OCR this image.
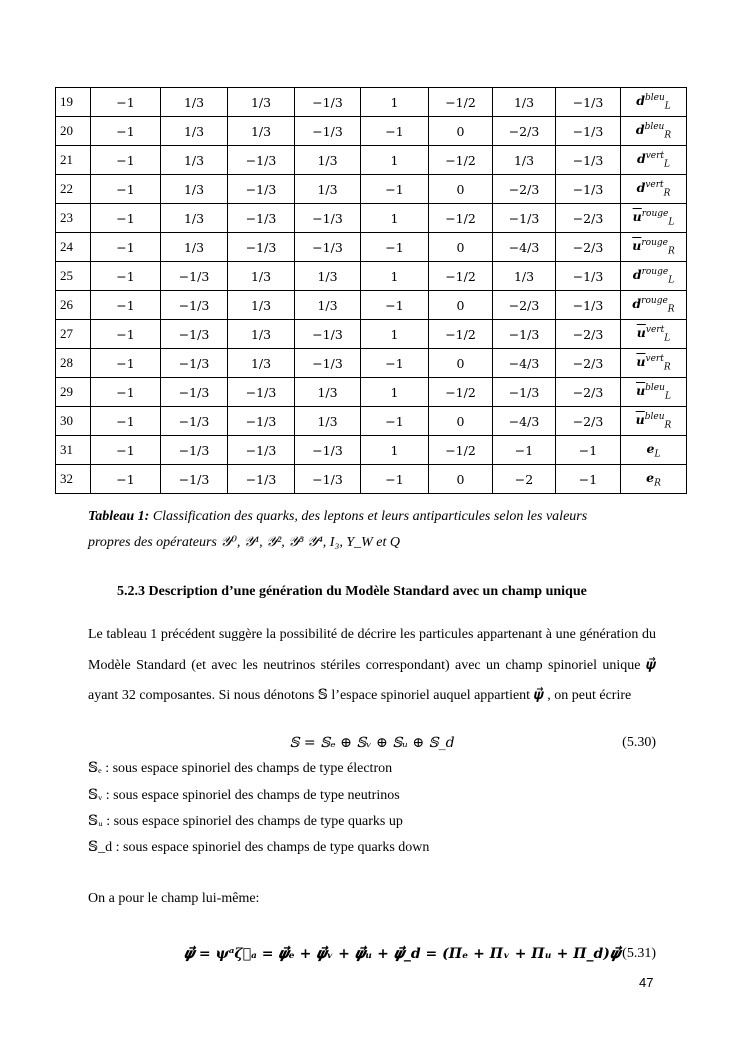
19	−1	1/3	1/3	−1/3	1	−1/2	1/3	−1/3	$d^{bleu}_L$
20	−1	1/3	1/3	−1/3	−1	0	−2/3	−1/3	$d^{bleu}_R$
21	−1	1/3	−1/3	1/3	1	−1/2	1/3	−1/3	$d^{vert}_L$
22	−1	1/3	−1/3	1/3	−1	0	−2/3	−1/3	$d^{vert}_R$
23	−1	1/3	−1/3	−1/3	1	−1/2	−1/3	−2/3	$\overline{u}^{rouge}_L$
24	−1	1/3	−1/3	−1/3	−1	0	−4/3	−2/3	$\overline{u}^{rouge}_R$
25	−1	−1/3	1/3	1/3	1	−1/2	1/3	−1/3	$d^{rouge}_L$
26	−1	−1/3	1/3	1/3	−1	0	−2/3	−1/3	$d^{rouge}_R$
27	−1	−1/3	1/3	−1/3	1	−1/2	−1/3	−2/3	$\overline{u}^{vert}_L$
28	−1	−1/3	1/3	−1/3	−1	0	−4/3	−2/3	$\overline{u}^{vert}_R$
29	−1	−1/3	−1/3	1/3	1	−1/2	−1/3	−2/3	$\overline{u}^{bleu}_L$
30	−1	−1/3	−1/3	1/3	−1	0	−4/3	−2/3	$\overline{u}^{bleu}_R$
31	−1	−1/3	−1/3	−1/3	1	−1/2	−1	−1	$e_L$
32	−1	−1/3	−1/3	−1/3	−1	0	−2	−1	$e_R$
Tableau 1: Classification des quarks, des leptons et leurs antiparticules selon les valeurs
propres des opérateurs 𝒴⁰, 𝒴¹, 𝒴², 𝒴³ 𝒴⁴, I₃, Y_W et Q
5.2.3 Description d’une génération du Modèle Standard avec un champ unique
Le tableau 1 précédent suggère la possibilité de décrire les particules appartenant à une génération du Modèle Standard (et avec les neutrinos stériles correspondant) avec un champ spinoriel unique 𝝍⃗ ayant 32 composantes. Si nous dénotons 𝕊 l’espace spinoriel auquel appartient 𝝍⃗ , on peut écrire
𝕊 = 𝕊ₑ ⊕ 𝕊ᵥ ⊕ 𝕊ᵤ ⊕ 𝕊_d	(5.30)
𝕊ₑ : sous espace spinoriel des champs de type électron
𝕊ᵥ : sous espace spinoriel des champs de type neutrinos
𝕊ᵤ : sous espace spinoriel des champs de type quarks up
𝕊_d : sous espace spinoriel des champs de type quarks down
On a pour le champ lui-même:
𝝍⃗ = 𝝍ᵃζ⃗ₐ = 𝝍⃗ₑ + 𝝍⃗ᵥ + 𝝍⃗ᵤ + 𝝍⃗_d = (Πₑ + Πᵥ + Πᵤ + Π_d)𝝍⃗ (5.31)
47
